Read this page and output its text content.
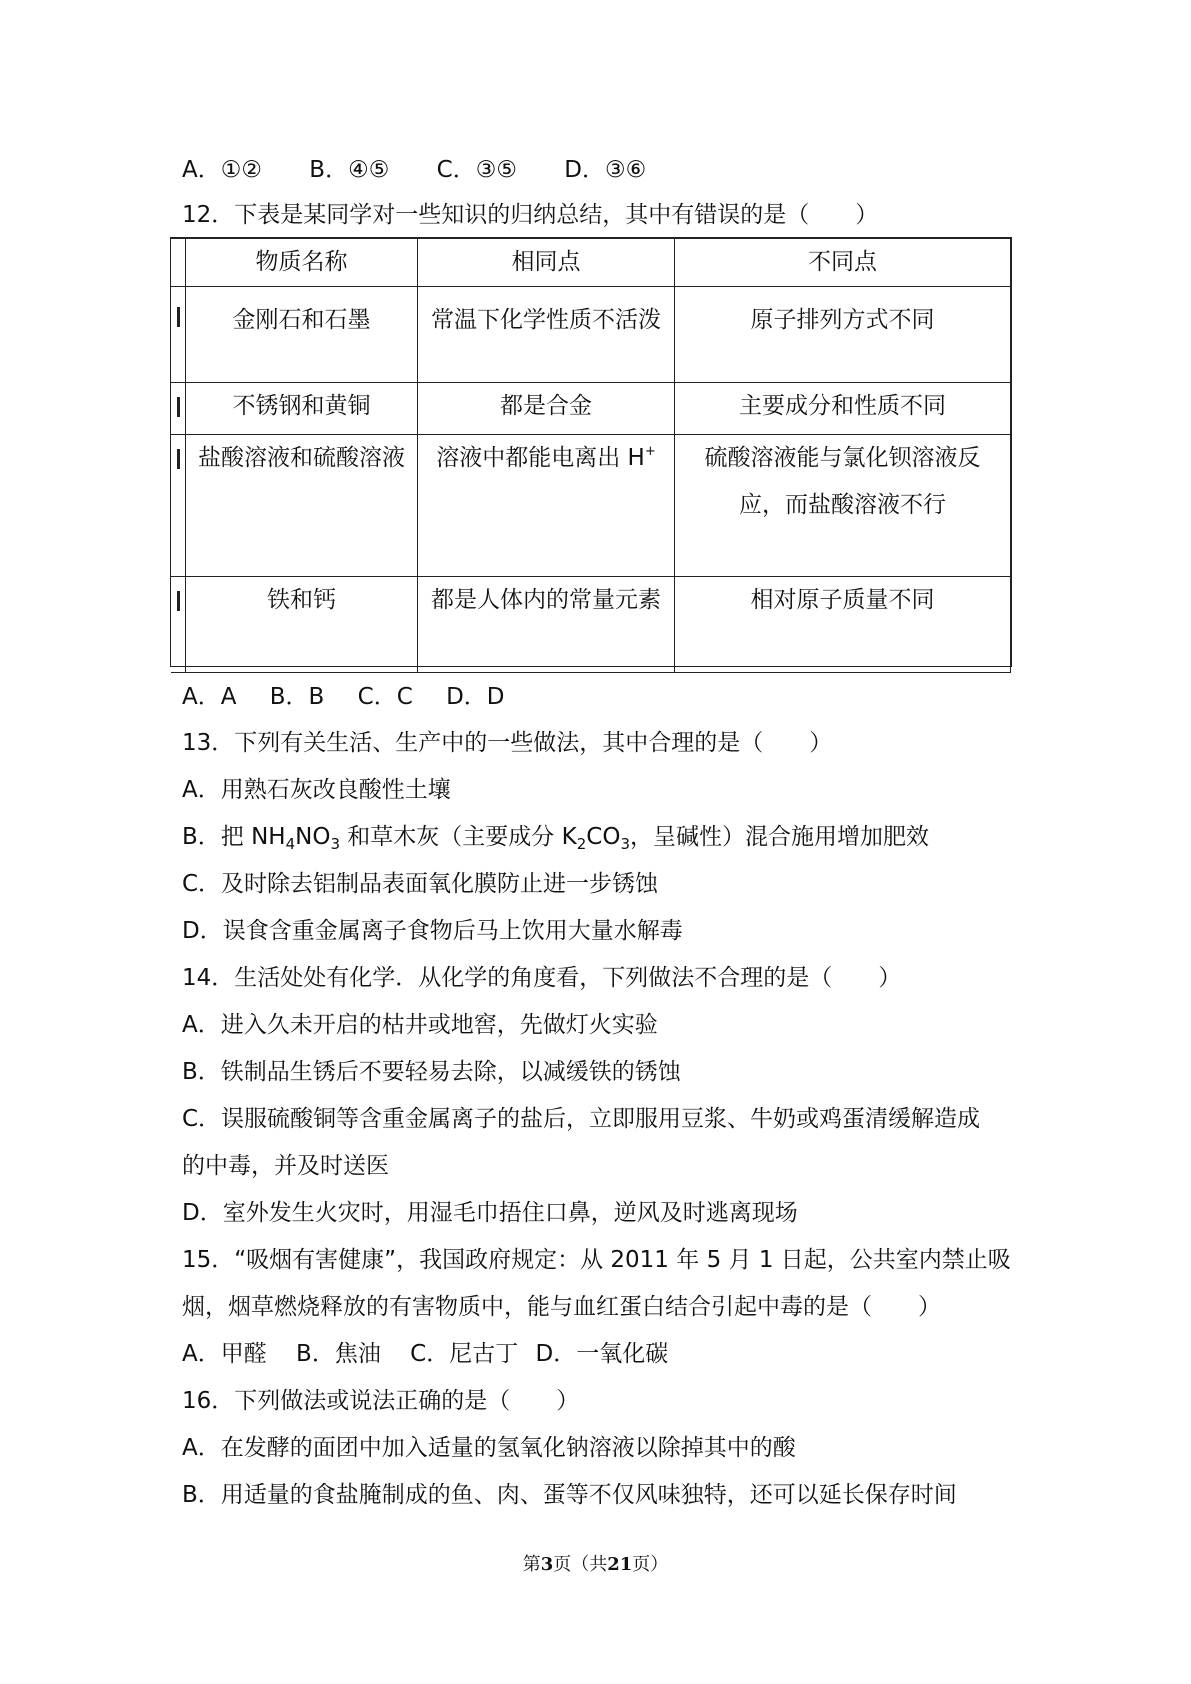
A．①② B．④⑤ C．③⑤ D．③⑥
12．下表是某同学对一些知识的归纳总结，其中有错误的是（　　）
	物质名称	相同点	不同点
	金刚石和石墨	常温下化学性质不活泼	原子排列方式不同
	不锈钢和黄铜	都是合金	主要成分和性质不同
	盐酸溶液和硫酸溶液	溶液中都能电离出 H+	硫酸溶液能与氯化钡溶液反应，而盐酸溶液不行
	铁和钙	都是人体内的常量元素	相对原子质量不同
A．A B．B C．C D．D
13．下列有关生活、生产中的一些做法，其中合理的是（　　）
A．用熟石灰改良酸性土壤
B．把 $NH_4NO_3$ 和草木灰（主要成分 $K_2CO_3$，呈碱性）混合施用增加肥效
C．及时除去铝制品表面氧化膜防止进一步锈蚀
D．误食含重金属离子食物后马上饮用大量水解毒
14．生活处处有化学．从化学的角度看，下列做法不合理的是（　　）
A．进入久未开启的枯井或地窖，先做灯火实验
B．铁制品生锈后不要轻易去除，以减缓铁的锈蚀
C．误服硫酸铜等含重金属离子的盐后，立即服用豆浆、牛奶或鸡蛋清缓解造成
的中毒，并及时送医
D．室外发生火灾时，用湿毛巾捂住口鼻，逆风及时逃离现场
15．“吸烟有害健康”，我国政府规定：从 2011 年 5 月 1 日起，公共室内禁止吸
烟，烟草燃烧释放的有害物质中，能与血红蛋白结合引起中毒的是（　　）
A．甲醛 B．焦油 C．尼古丁 D．一氧化碳
16．下列做法或说法正确的是（　　）
A．在发酵的面团中加入适量的氢氧化钠溶液以除掉其中的酸
B．用适量的食盐腌制成的鱼、肉、蛋等不仅风味独特，还可以延长保存时间
第3页（共21页）
